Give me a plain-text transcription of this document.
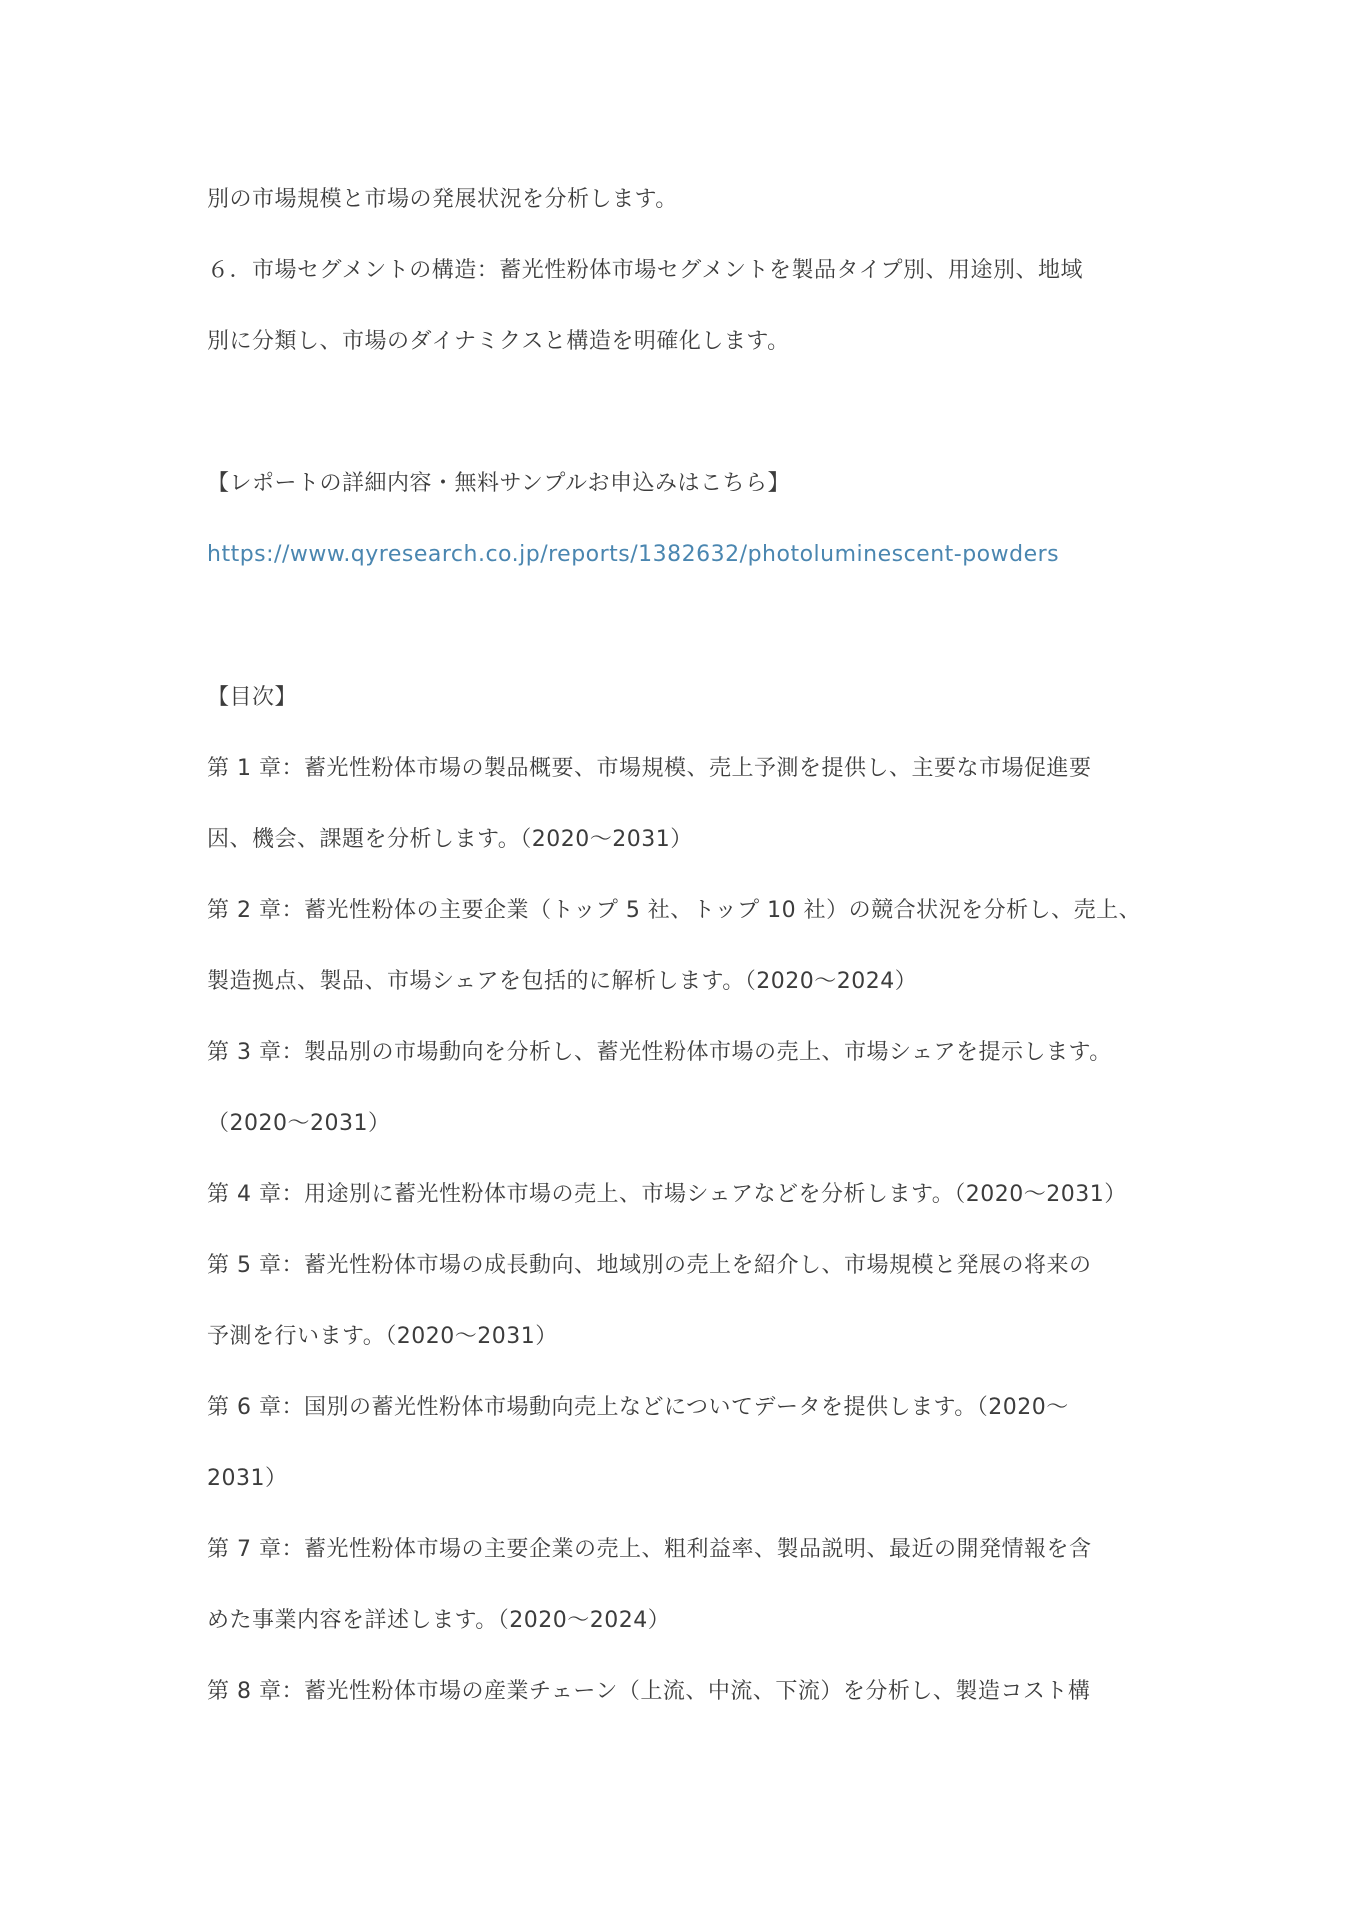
別の市場規模と市場の発展状況を分析します。
６．市場セグメントの構造：蓄光性粉体市場セグメントを製品タイプ別、用途別、地域
別に分類し、市場のダイナミクスと構造を明確化します。
【レポートの詳細内容・無料サンプルお申込みはこちら】
https://www.qyresearch.co.jp/reports/1382632/photoluminescent-powders
【目次】
第 1 章：蓄光性粉体市場の製品概要、市場規模、売上予測を提供し、主要な市場促進要
因、機会、課題を分析します。（2020～2031）
第 2 章：蓄光性粉体の主要企業（トップ 5 社、トップ 10 社）の競合状況を分析し、売上、
製造拠点、製品、市場シェアを包括的に解析します。（2020～2024）
第 3 章：製品別の市場動向を分析し、蓄光性粉体市場の売上、市場シェアを提示します。
（2020～2031）
第 4 章：用途別に蓄光性粉体市場の売上、市場シェアなどを分析します。（2020～2031）
第 5 章：蓄光性粉体市場の成長動向、地域別の売上を紹介し、市場規模と発展の将来の
予測を行います。（2020～2031）
第 6 章：国別の蓄光性粉体市場動向売上などについてデータを提供します。（2020～
2031）
第 7 章：蓄光性粉体市場の主要企業の売上、粗利益率、製品説明、最近の開発情報を含
めた事業内容を詳述します。（2020～2024）
第 8 章：蓄光性粉体市場の産業チェーン（上流、中流、下流）を分析し、製造コスト構
